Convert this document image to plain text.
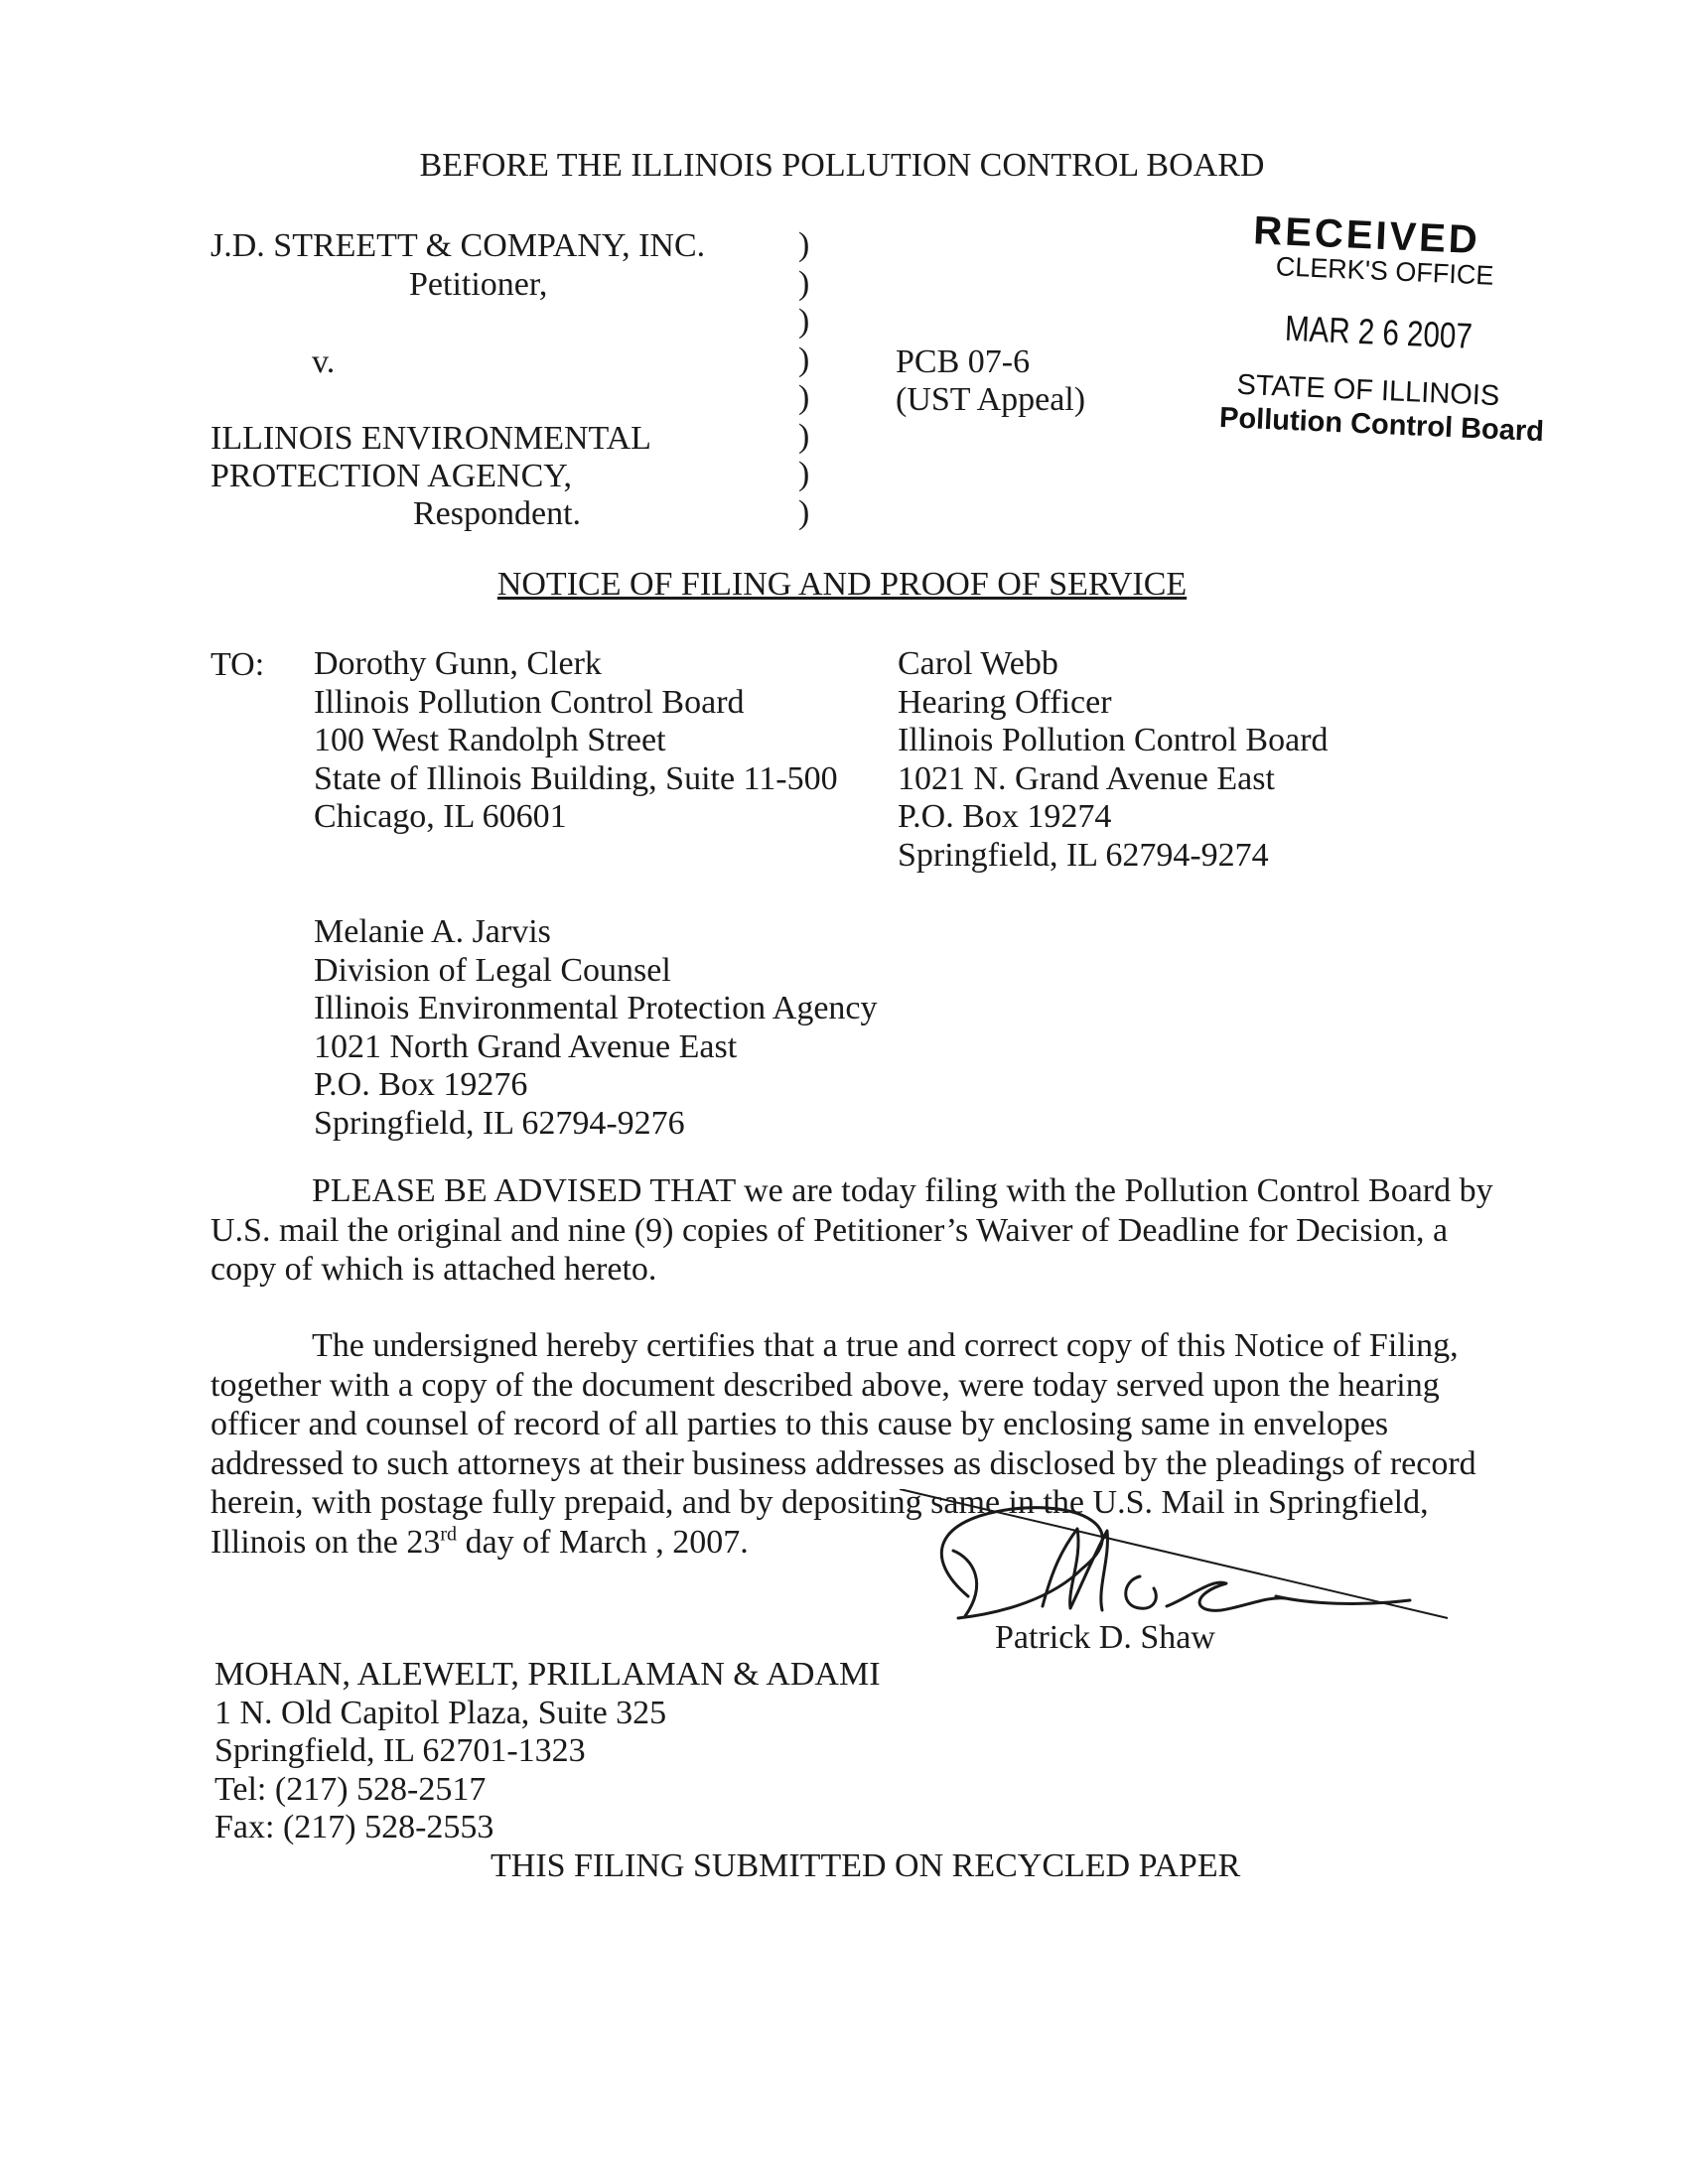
BEFORE THE ILLINOIS POLLUTION CONTROL BOARD
J.D. STREETT & COMPANY, INC.
Petitioner,
v.
ILLINOIS ENVIRONMENTAL
PROTECTION AGENCY,
Respondent.
)
)
)
)
)
)
)
)
PCB 07-6
(UST Appeal)
RECEIVED
CLERK'S OFFICE
MAR 2 6 2007
STATE OF ILLINOIS
Pollution Control Board
NOTICE OF FILING AND PROOF OF SERVICE
TO: Dorothy Gunn, Clerk
Illinois Pollution Control Board
100 West Randolph Street
State of Illinois Building, Suite 11-500
Chicago, IL 60601
Carol Webb
Hearing Officer
Illinois Pollution Control Board
1021 N. Grand Avenue East
P.O. Box 19274
Springfield, IL 62794-9274
Melanie A. Jarvis
Division of Legal Counsel
Illinois Environmental Protection Agency
1021 North Grand Avenue East
P.O. Box 19276
Springfield, IL 62794-9276
PLEASE BE ADVISED THAT we are today filing with the Pollution Control Board by U.S. mail the original and nine (9) copies of Petitioner’s Waiver of Deadline for Decision, a copy of which is attached hereto.
The undersigned hereby certifies that a true and correct copy of this Notice of Filing, together with a copy of the document described above, were today served upon the hearing officer and counsel of record of all parties to this cause by enclosing same in envelopes addressed to such attorneys at their business addresses as disclosed by the pleadings of record herein, with postage fully prepaid, and by depositing same in the U.S. Mail in Springfield, Illinois on the 23rd day of March , 2007.
Patrick D. Shaw
MOHAN, ALEWELT, PRILLAMAN & ADAMI
1 N. Old Capitol Plaza, Suite 325
Springfield, IL 62701-1323
Tel: (217) 528-2517
Fax: (217) 528-2553
THIS FILING SUBMITTED ON RECYCLED PAPER
